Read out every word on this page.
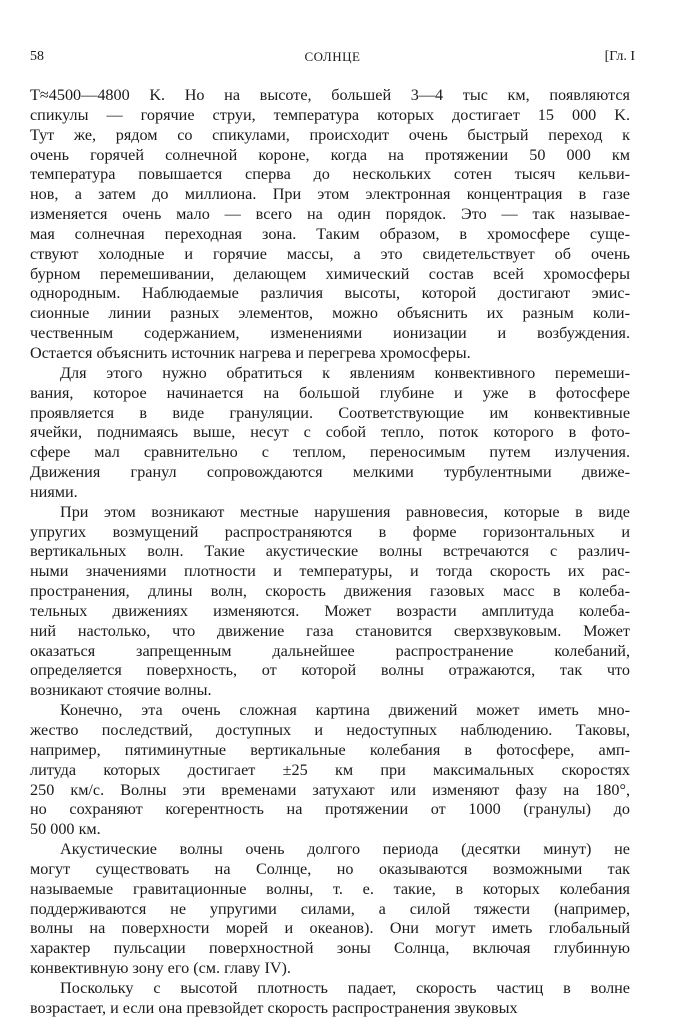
58	СОЛНЦЕ	[Гл. I
T≈4500—4800 K. Но на высоте, большей 3—4 тыс км, появляются
спикулы — горячие струи, температура которых достигает 15 000 K.
Тут же, рядом со спикулами, происходит очень быстрый переход к
очень горячей солнечной короне, когда на протяжении 50 000 км
температура повышается сперва до нескольких сотен тысяч кельви-
нов, а затем до миллиона. При этом электронная концентрация в газе
изменяется очень мало — всего на один порядок. Это — так называе-
мая солнечная переходная зона. Таким образом, в хромосфере суще-
ствуют холодные и горячие массы, а это свидетельствует об очень
бурном перемешивании, делающем химический состав всей хромосферы
однородным. Наблюдаемые различия высоты, которой достигают эмис-
сионные линии разных элементов, можно объяснить их разным коли-
чественным содержанием, изменениями ионизации и возбуждения.
Остается объяснить источник нагрева и перегрева хромосферы.
Для этого нужно обратиться к явлениям конвективного перемеши-
вания, которое начинается на большой глубине и уже в фотосфере
проявляется в виде грануляции. Соответствующие им конвективные
ячейки, поднимаясь выше, несут с собой тепло, поток которого в фото-
сфере мал сравнительно с теплом, переносимым путем излучения.
Движения гранул сопровождаются мелкими турбулентными движе-
ниями.
При этом возникают местные нарушения равновесия, которые в виде
упругих возмущений распространяются в форме горизонтальных и
вертикальных волн. Такие акустические волны встречаются с различ-
ными значениями плотности и температуры, и тогда скорость их рас-
пространения, длины волн, скорость движения газовых масс в колеба-
тельных движениях изменяются. Может возрасти амплитуда колеба-
ний настолько, что движение газа становится сверхзвуковым. Может
оказаться запрещенным дальнейшее распространение колебаний,
определяется поверхность, от которой волны отражаются, так что
возникают стоячие волны.
Конечно, эта очень сложная картина движений может иметь мно-
жество последствий, доступных и недоступных наблюдению. Таковы,
например, пятиминутные вертикальные колебания в фотосфере, амп-
литуда которых достигает ±25 км при максимальных скоростях
250 км/с. Волны эти временами затухают или изменяют фазу на 180°,
но сохраняют когерентность на протяжении от 1000 (гранулы) до
50 000 км.
Акустические волны очень долгого периода (десятки минут) не
могут существовать на Солнце, но оказываются возможными так
называемые гравитационные волны, т. е. такие, в которых колебания
поддерживаются не упругими силами, а силой тяжести (например,
волны на поверхности морей и океанов). Они могут иметь глобальный
характер пульсации поверхностной зоны Солнца, включая глубинную
конвективную зону его (см. главу IV).
Поскольку с высотой плотность падает, скорость частиц в волне
возрастает, и если она превзойдет скорость распространения звуковых
